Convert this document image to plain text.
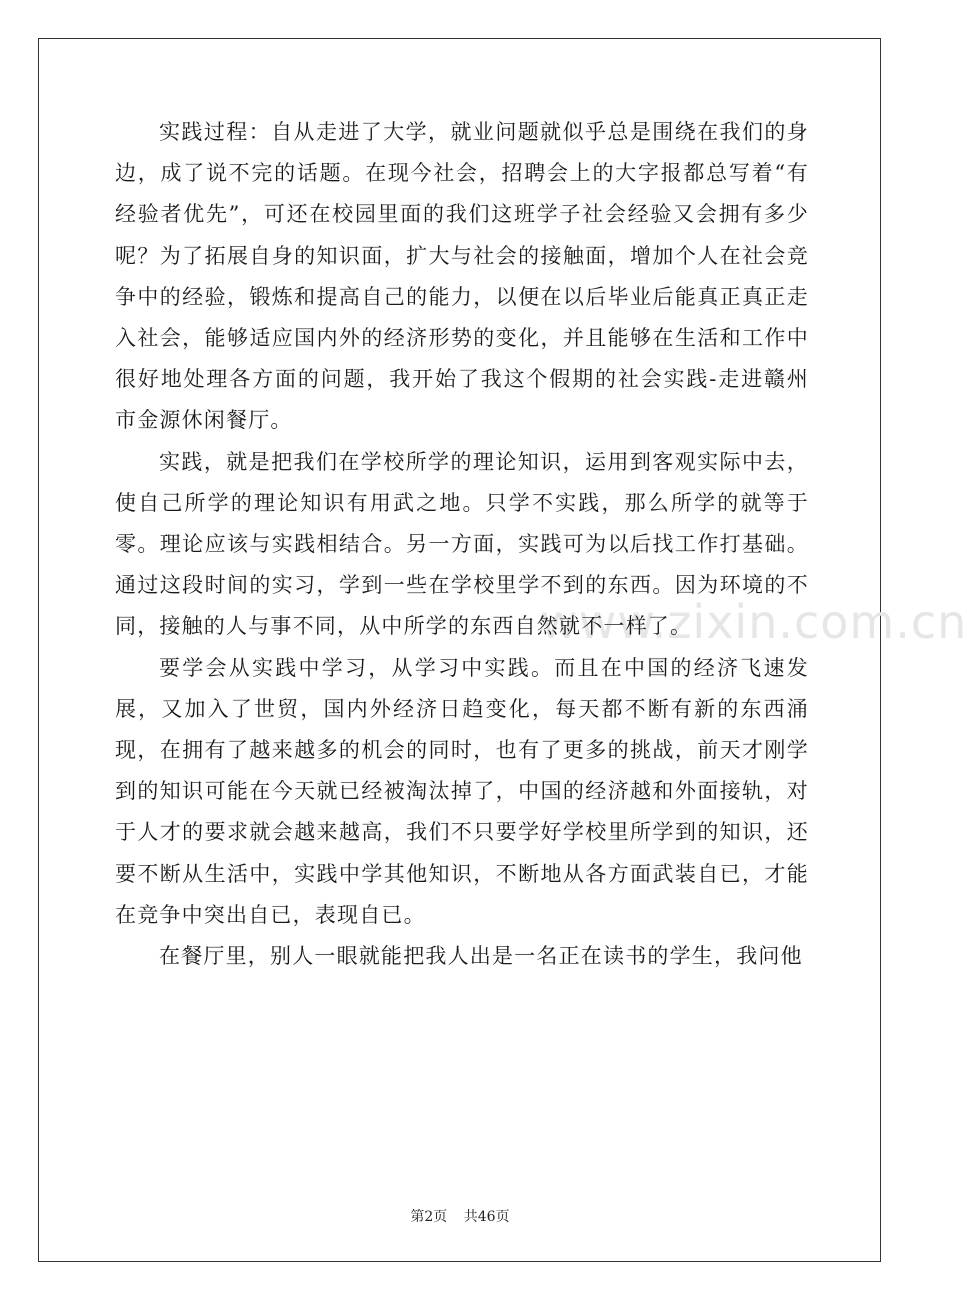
www.zixin.com.cn

实践过程：自从走进了大学，就业问题就似乎总是围绕在我们的身边，成了说不完的话题。在现今社会，招聘会上的大字报都总写着“有经验者优先”，可还在校园里面的我们这班学子社会经验又会拥有多少呢？为了拓展自身的知识面，扩大与社会的接触面，增加个人在社会竞争中的经验，锻炼和提高自己的能力，以便在以后毕业后能真正真正走入社会，能够适应国内外的经济形势的变化，并且能够在生活和工作中很好地处理各方面的问题，我开始了我这个假期的社会实践-走进赣州市金源休闲餐厅。

实践，就是把我们在学校所学的理论知识，运用到客观实际中去，使自己所学的理论知识有用武之地。只学不实践，那么所学的就等于零。理论应该与实践相结合。另一方面，实践可为以后找工作打基础。通过这段时间的实习，学到一些在学校里学不到的东西。因为环境的不同，接触的人与事不同，从中所学的东西自然就不一样了。

要学会从实践中学习，从学习中实践。而且在中国的经济飞速发展，又加入了世贸，国内外经济日趋变化，每天都不断有新的东西涌现，在拥有了越来越多的机会的同时，也有了更多的挑战，前天才刚学到的知识可能在今天就已经被淘汰掉了，中国的经济越和外面接轨，对于人才的要求就会越来越高，我们不只要学好学校里所学到的知识，还要不断从生活中，实践中学其他知识，不断地从各方面武装自已，才能在竞争中突出自已，表现自已。

在餐厅里，别人一眼就能把我人出是一名正在读书的学生，我问他

第2页 共46页
